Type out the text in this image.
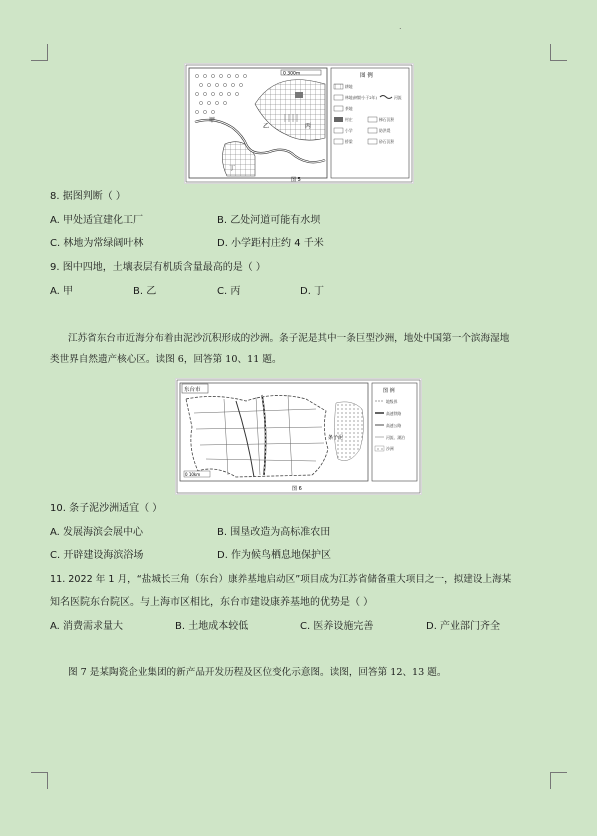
.
0 300m
甲
乙	丙
丁
图 例
耕地
林地(树龄小于2年)	河流
茶地
村庄	梯石沉积
小学	防洪堤
桥梁	砂石沉积
图 5
8. 据图判断（ ）
A. 甲处适宜建化工厂	B. 乙处河道可能有水坝
C. 林地为常绿阔叶林	D. 小学距村庄约 4 千米
9. 图中四地，土壤表层有机质含量最高的是（ ）
A. 甲	B. 乙	C. 丙	D. 丁
江苏省东台市近海分布着由泥沙沉积形成的沙洲。条子泥是其中一条巨型沙洲，地处中国第一个滨海湿地
类世界自然遗产核心区。读图 6，回答第 10、11 题。
东台市
条子泥
0 10km
图 例
地级界
高速铁路
高速公路
河流、湖泊
沙洲
图 6
10. 条子泥沙洲适宜（ ）
A. 发展海滨会展中心	B. 围垦改造为高标准农田
C. 开辟建设海滨浴场	D. 作为候鸟栖息地保护区
11. 2022 年 1 月，“盐城长三角（东台）康养基地启动区”项目成为江苏省储备重大项目之一，拟建设上海某
知名医院东台院区。与上海市区相比，东台市建设康养基地的优势是（ ）
A. 消费需求量大	B. 土地成本较低	C. 医养设施完善	D. 产业部门齐全
图 7 是某陶瓷企业集团的新产品开发历程及区位变化示意图。读图，回答第 12、13 题。
